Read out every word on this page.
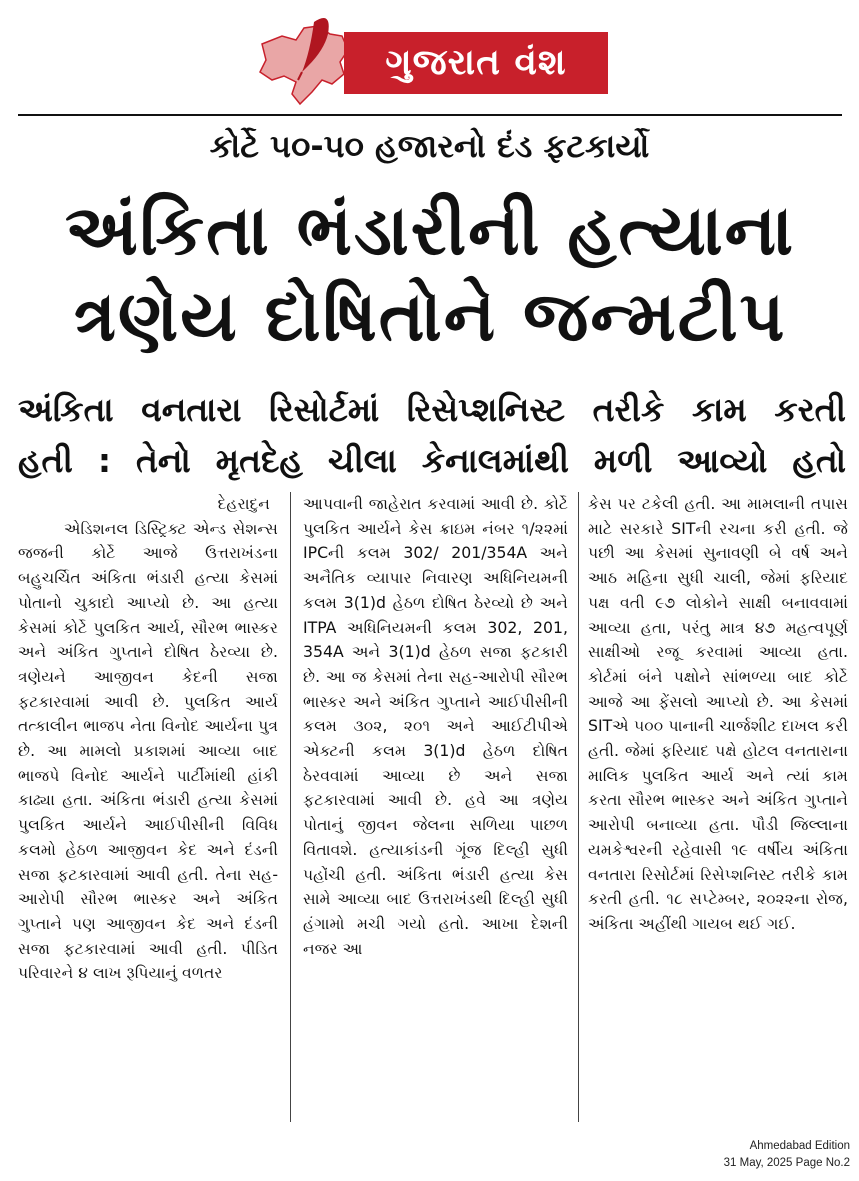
ગુજરાત વંશ
કોર્ટે ૫૦-૫૦ હજારનો દંડ ફટકાર્યો
અંકિતા ભંડારીની હત્યાના
ત્રણેય દોષિતોને જન્મટીપ
અંકિતા વનતારા રિસોર્ટમાં રિસેપ્શનિસ્ટ તરીકે કામ કરતી
હતી : તેનો મૃતદેહ ચીલા કેનાલમાંથી મળી આવ્યો હતો
દેહરાદુન
એડિશનલ ડિસ્ટ્રિક્ટ એન્ડ સેશન્સ જજની કોર્ટે આજે ઉત્તરાખંડના બહુચર્ચિત અંકિતા ભંડારી હત્યા કેસમાં પોતાનો ચુકાદો આપ્યો છે. આ હત્યા કેસમાં કોર્ટે પુલકિત આર્ય, સૌરભ ભાસ્કર અને અંકિત ગુપ્તાને દોષિત ઠેરવ્યા છે. ત્રણેયને આજીવન કેદની સજા ફટકારવામાં આવી છે. પુલકિત આર્ય તત્કાલીન ભાજપ નેતા વિનોદ આર્યના પુત્ર છે. આ મામલો પ્રકાશમાં આવ્યા બાદ ભાજપે વિનોદ આર્યને પાર્ટીમાંથી હાંકી કાઢ્યા હતા. અંકિતા ભંડારી હત્યા કેસમાં પુલકિત આર્યને આઈપીસીની વિવિધ કલમો હેઠળ આજીવન કેદ અને દંડની સજા ફટકારવામાં આવી હતી. તેના સહ-આરોપી સૌરભ ભાસ્કર અને અંકિત ગુપ્તાને પણ આજીવન કેદ અને દંડની સજા ફટકારવામાં આવી હતી. પીડિત પરિવારને ૪ લાખ રૂપિયાનું વળતર
આપવાની જાહેરાત કરવામાં આવી છે. કોર્ટે પુલકિત આર્યને કેસ ક્રાઇમ નંબર ૧/૨૨માં IPCની કલમ 302/ 201/354A અને અનૈતિક વ્યાપાર નિવારણ અધિનિયમની કલમ 3(1)d હેઠળ દોષિત ઠેરવ્યો છે અને ITPA અધિનિયમની કલમ 302, 201, 354A અને 3(1)d હેઠળ સજા ફટકારી છે. આ જ કેસમાં તેના સહ-આરોપી સૌરભ ભાસ્કર અને અંકિત ગુપ્તાને આઈપીસીની કલમ ૩૦૨, ૨૦૧ અને આઈટીપીએ એક્ટની કલમ 3(1)d હેઠળ દોષિત ઠેરવવામાં આવ્યા છે અને સજા ફટકારવામાં આવી છે. હવે આ ત્રણેય પોતાનું જીવન જેલના સળિયા પાછળ વિતાવશે. હત્યાકાંડની ગૂંજ દિલ્હી સુધી પહોંચી હતી. અંકિતા ભંડારી હત્યા કેસ સામે આવ્યા બાદ ઉત્તરાખંડથી દિલ્હી સુધી હંગામો મચી ગયો હતો. આખા દેશની નજર આ
કેસ પર ટકેલી હતી. આ મામલાની તપાસ માટે સરકારે SITની રચના કરી હતી. જે પછી આ કેસમાં સુનાવણી બે વર્ષ અને આઠ મહિના સુધી ચાલી, જેમાં ફરિયાદ પક્ષ વતી ૯૭ લોકોને સાક્ષી બનાવવામાં આવ્યા હતા, પરંતુ માત્ર ૪૭ મહત્વપૂર્ણ સાક્ષીઓ રજૂ કરવામાં આવ્યા હતા. કોર્ટમાં બંને પક્ષોને સાંભળ્યા બાદ કોર્ટે આજે આ ફેંસલો આપ્યો છે. આ કેસમાં SITએ ૫૦૦ પાનાની ચાર્જશીટ દાખલ કરી હતી. જેમાં ફરિયાદ પક્ષે હોટલ વનતારાના માલિક પુલકિત આર્ય અને ત્યાં કામ કરતા સૌરભ ભાસ્કર અને અંકિત ગુપ્તાને આરોપી બનાવ્યા હતા. પૌડી જિલ્લાના યમકેશ્વરની રહેવાસી ૧૯ વર્ષીય અંકિતા વનતારા રિસોર્ટમાં રિસેપ્શનિસ્ટ તરીકે કામ કરતી હતી. ૧૮ સપ્ટેમ્બર, ૨૦૨૨ના રોજ, અંકિતા અહીંથી ગાયબ થઈ ગઈ.
Ahmedabad Edition
31 May, 2025 Page No.2
